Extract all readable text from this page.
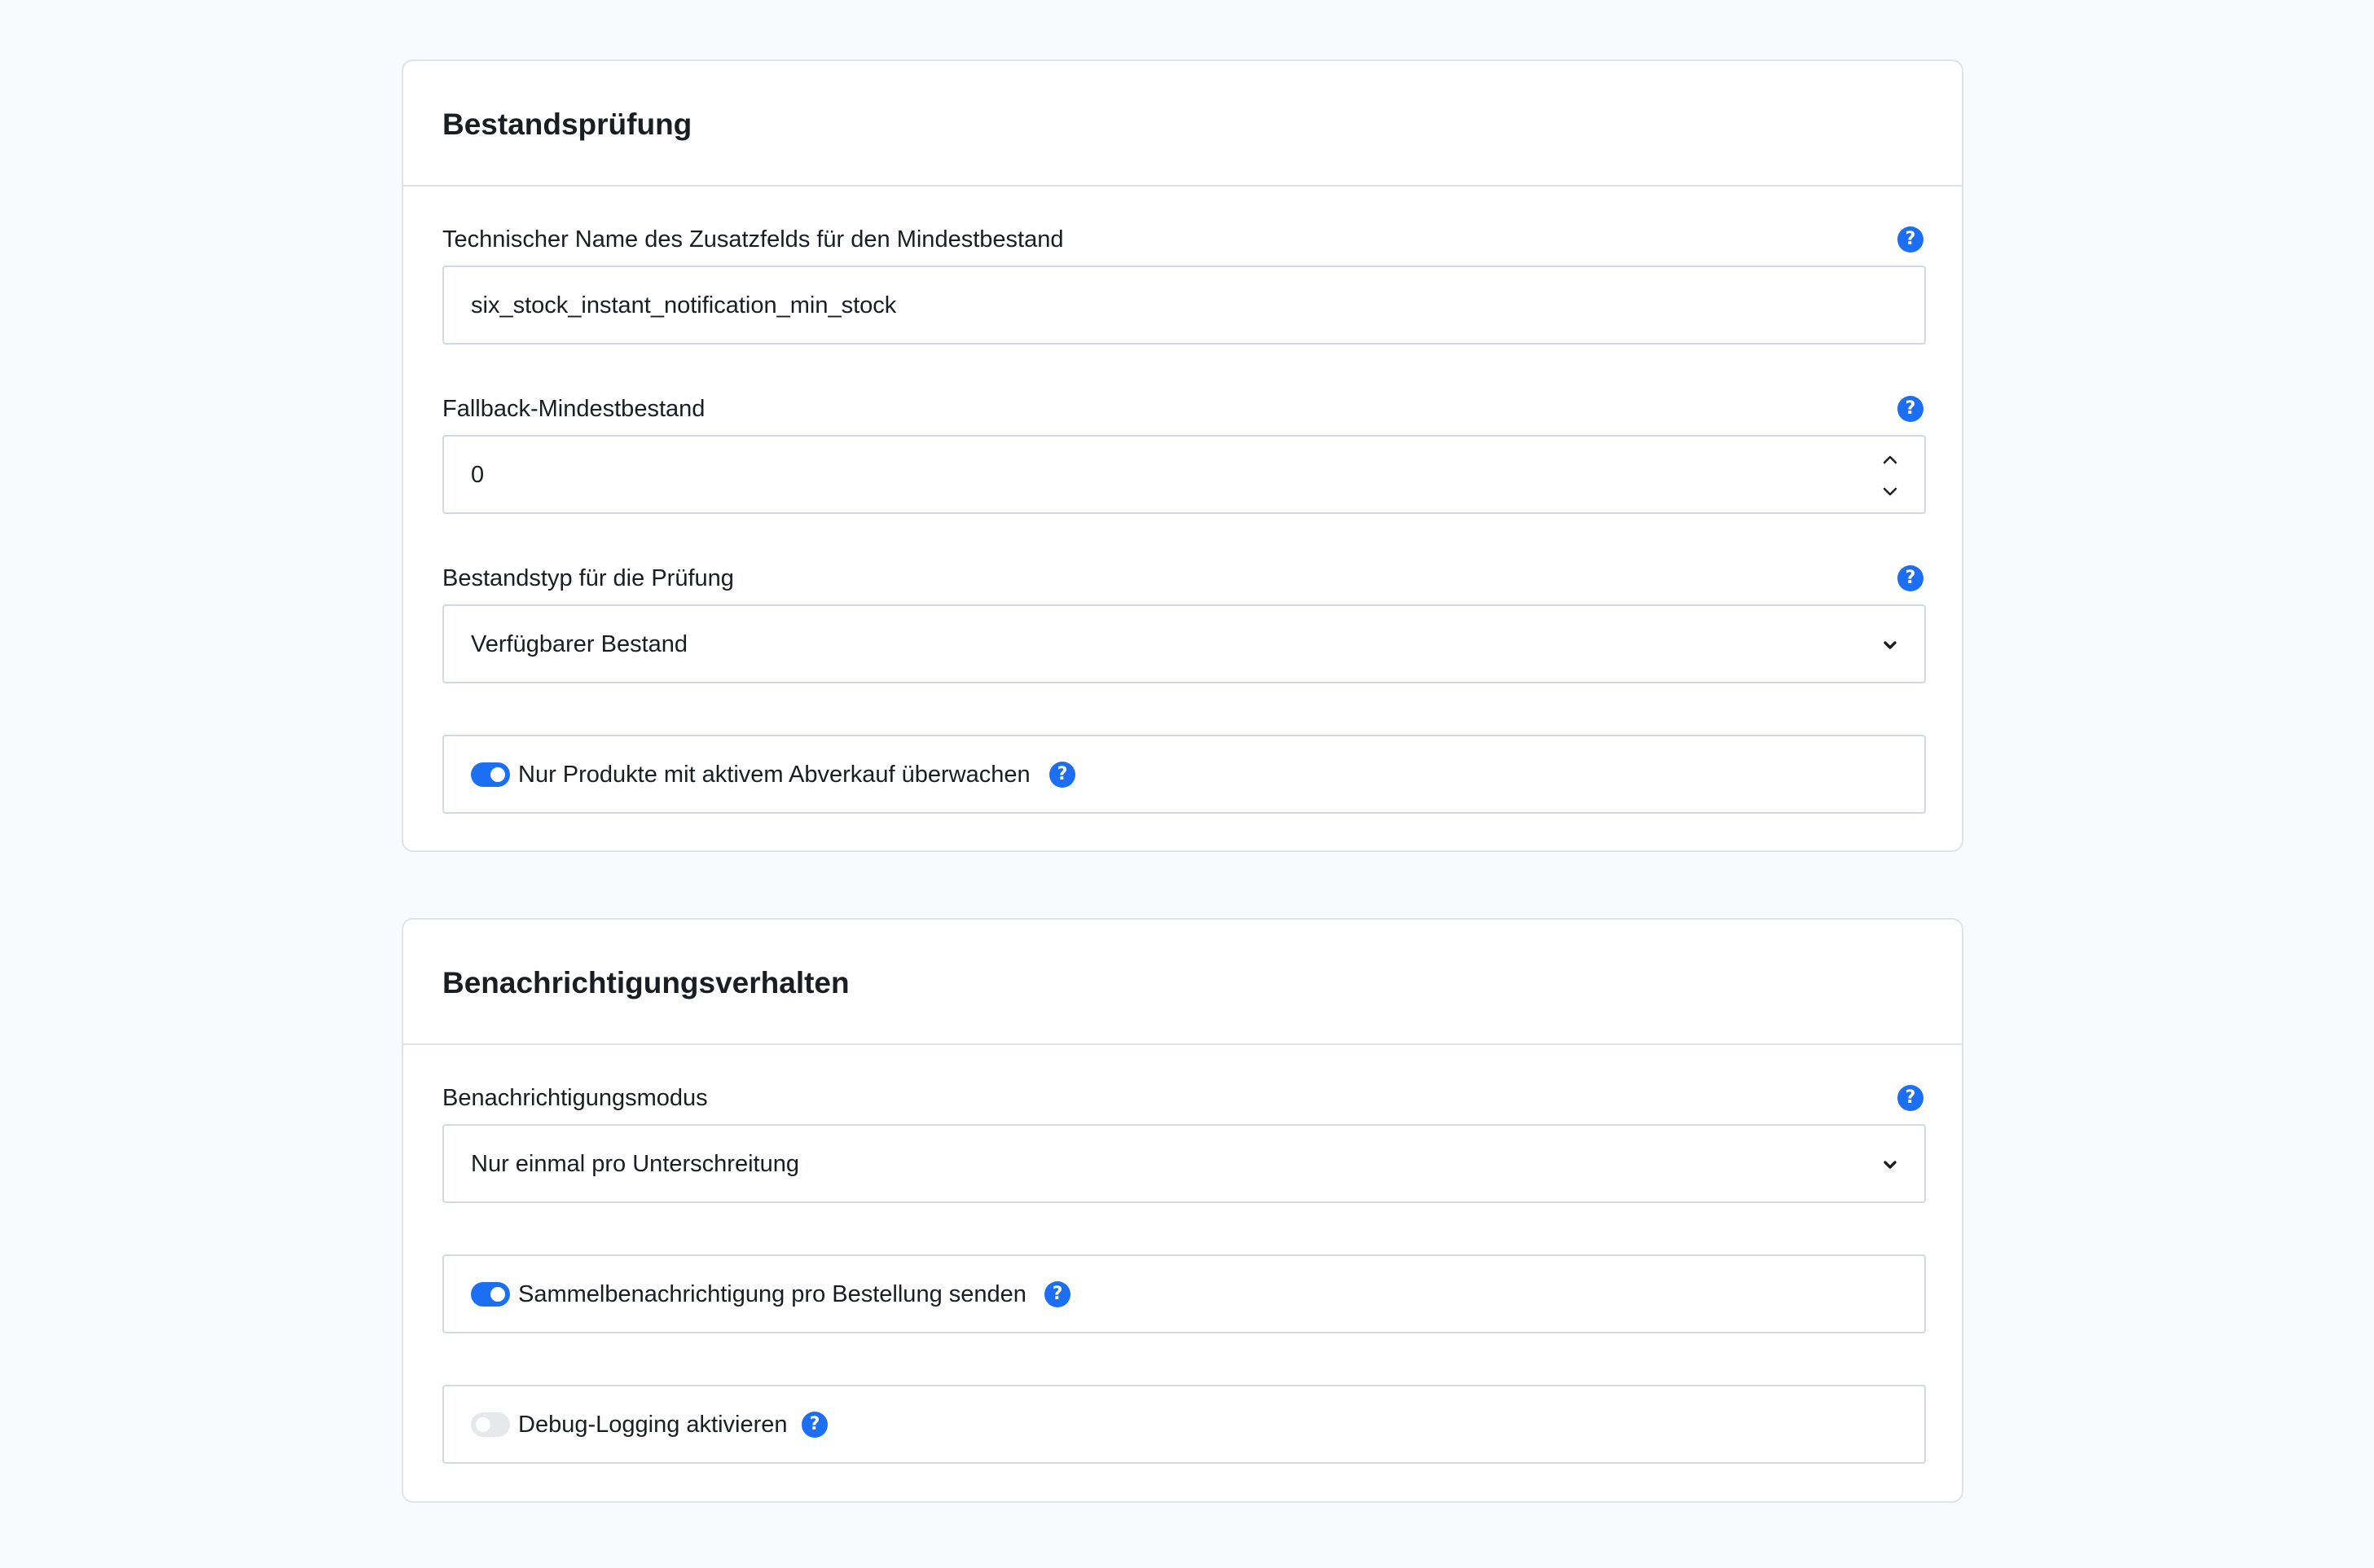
Bestandsprüfung
Technischer Name des Zusatzfelds für den Mindestbestand	?
six_stock_instant_notification_min_stock
Fallback-Mindestbestand	?
0
Bestandstyp für die Prüfung	?
Verfügbarer Bestand
Nur Produkte mit aktivem Abverkauf überwachen	?
Benachrichtigungsverhalten
Benachrichtigungsmodus	?
Nur einmal pro Unterschreitung
Sammelbenachrichtigung pro Bestellung senden	?
Debug-Logging aktivieren	?
